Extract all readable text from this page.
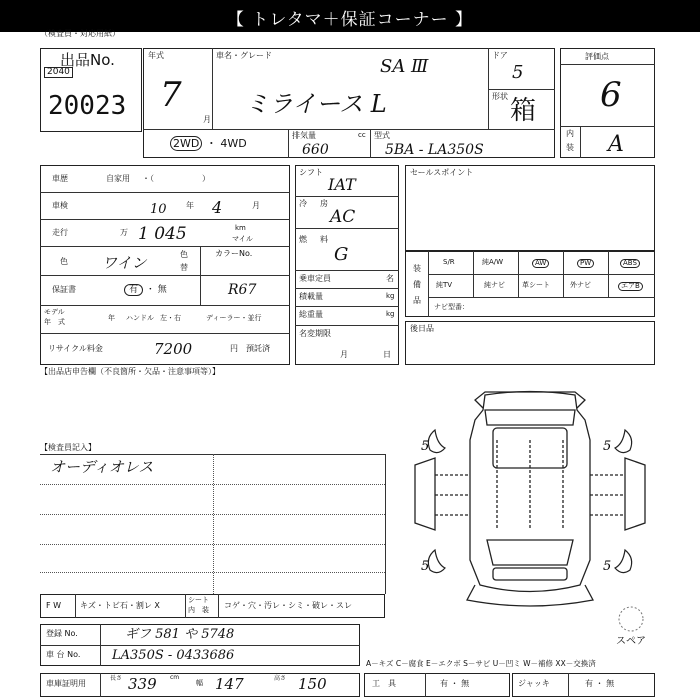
【 トレタマ＋保証コーナー 】
（検査員・対応用紙）
出品No.
2040
20023
年式
7
月
車名・グレード
SA Ⅲ
ミライース L
ドア
5
形状 箱
2WD ・ 4WD
排気量	cc
660
型式
5BA - LA350S
評価点
6
内
装 A
車歴	自家用 ・（　　　　　　）
車検	10 年 4	月
走行	万 1 045	km
マイル
色 ワイン	色
替
カラーNo.
R67
保証書	有 ・ 無
モデル
年　式	年 ハンドル 左・右	ディーラー・並行
リサイクル料金	7200	円 預託済
シフト
IAT
冷 房
AC
燃 料
G
乗車定員	名
積載量	kg
総重量	kg
名変期限
月	日
セールスポイント
装
備
品
S/R	純A/W	AW	PW	ABS
純TV	純ナビ 革シート	外ナビ	エアB
ナビ型番：
後日品
【出品店申告欄（不良箇所・欠品・注意事項等）】
【検査員記入】
オーディオレス
F W キズ・トビ石・割レ X
シート
内　装 コゲ・穴・汚レ・シミ・破レ・スレ
5	5
5	5
スペア
登録 No.	ギフ 581 や 5748
車 台 No. LA350S - 0433686
車庫証明用
長さ 339 cm
幅 147	高さ 150
A－キズ C－腐食 E－エクボ S－サビ U－凹ミ W－補修 XX－交換済
工　具	有 ・ 無	ジャッキ	有 ・ 無
